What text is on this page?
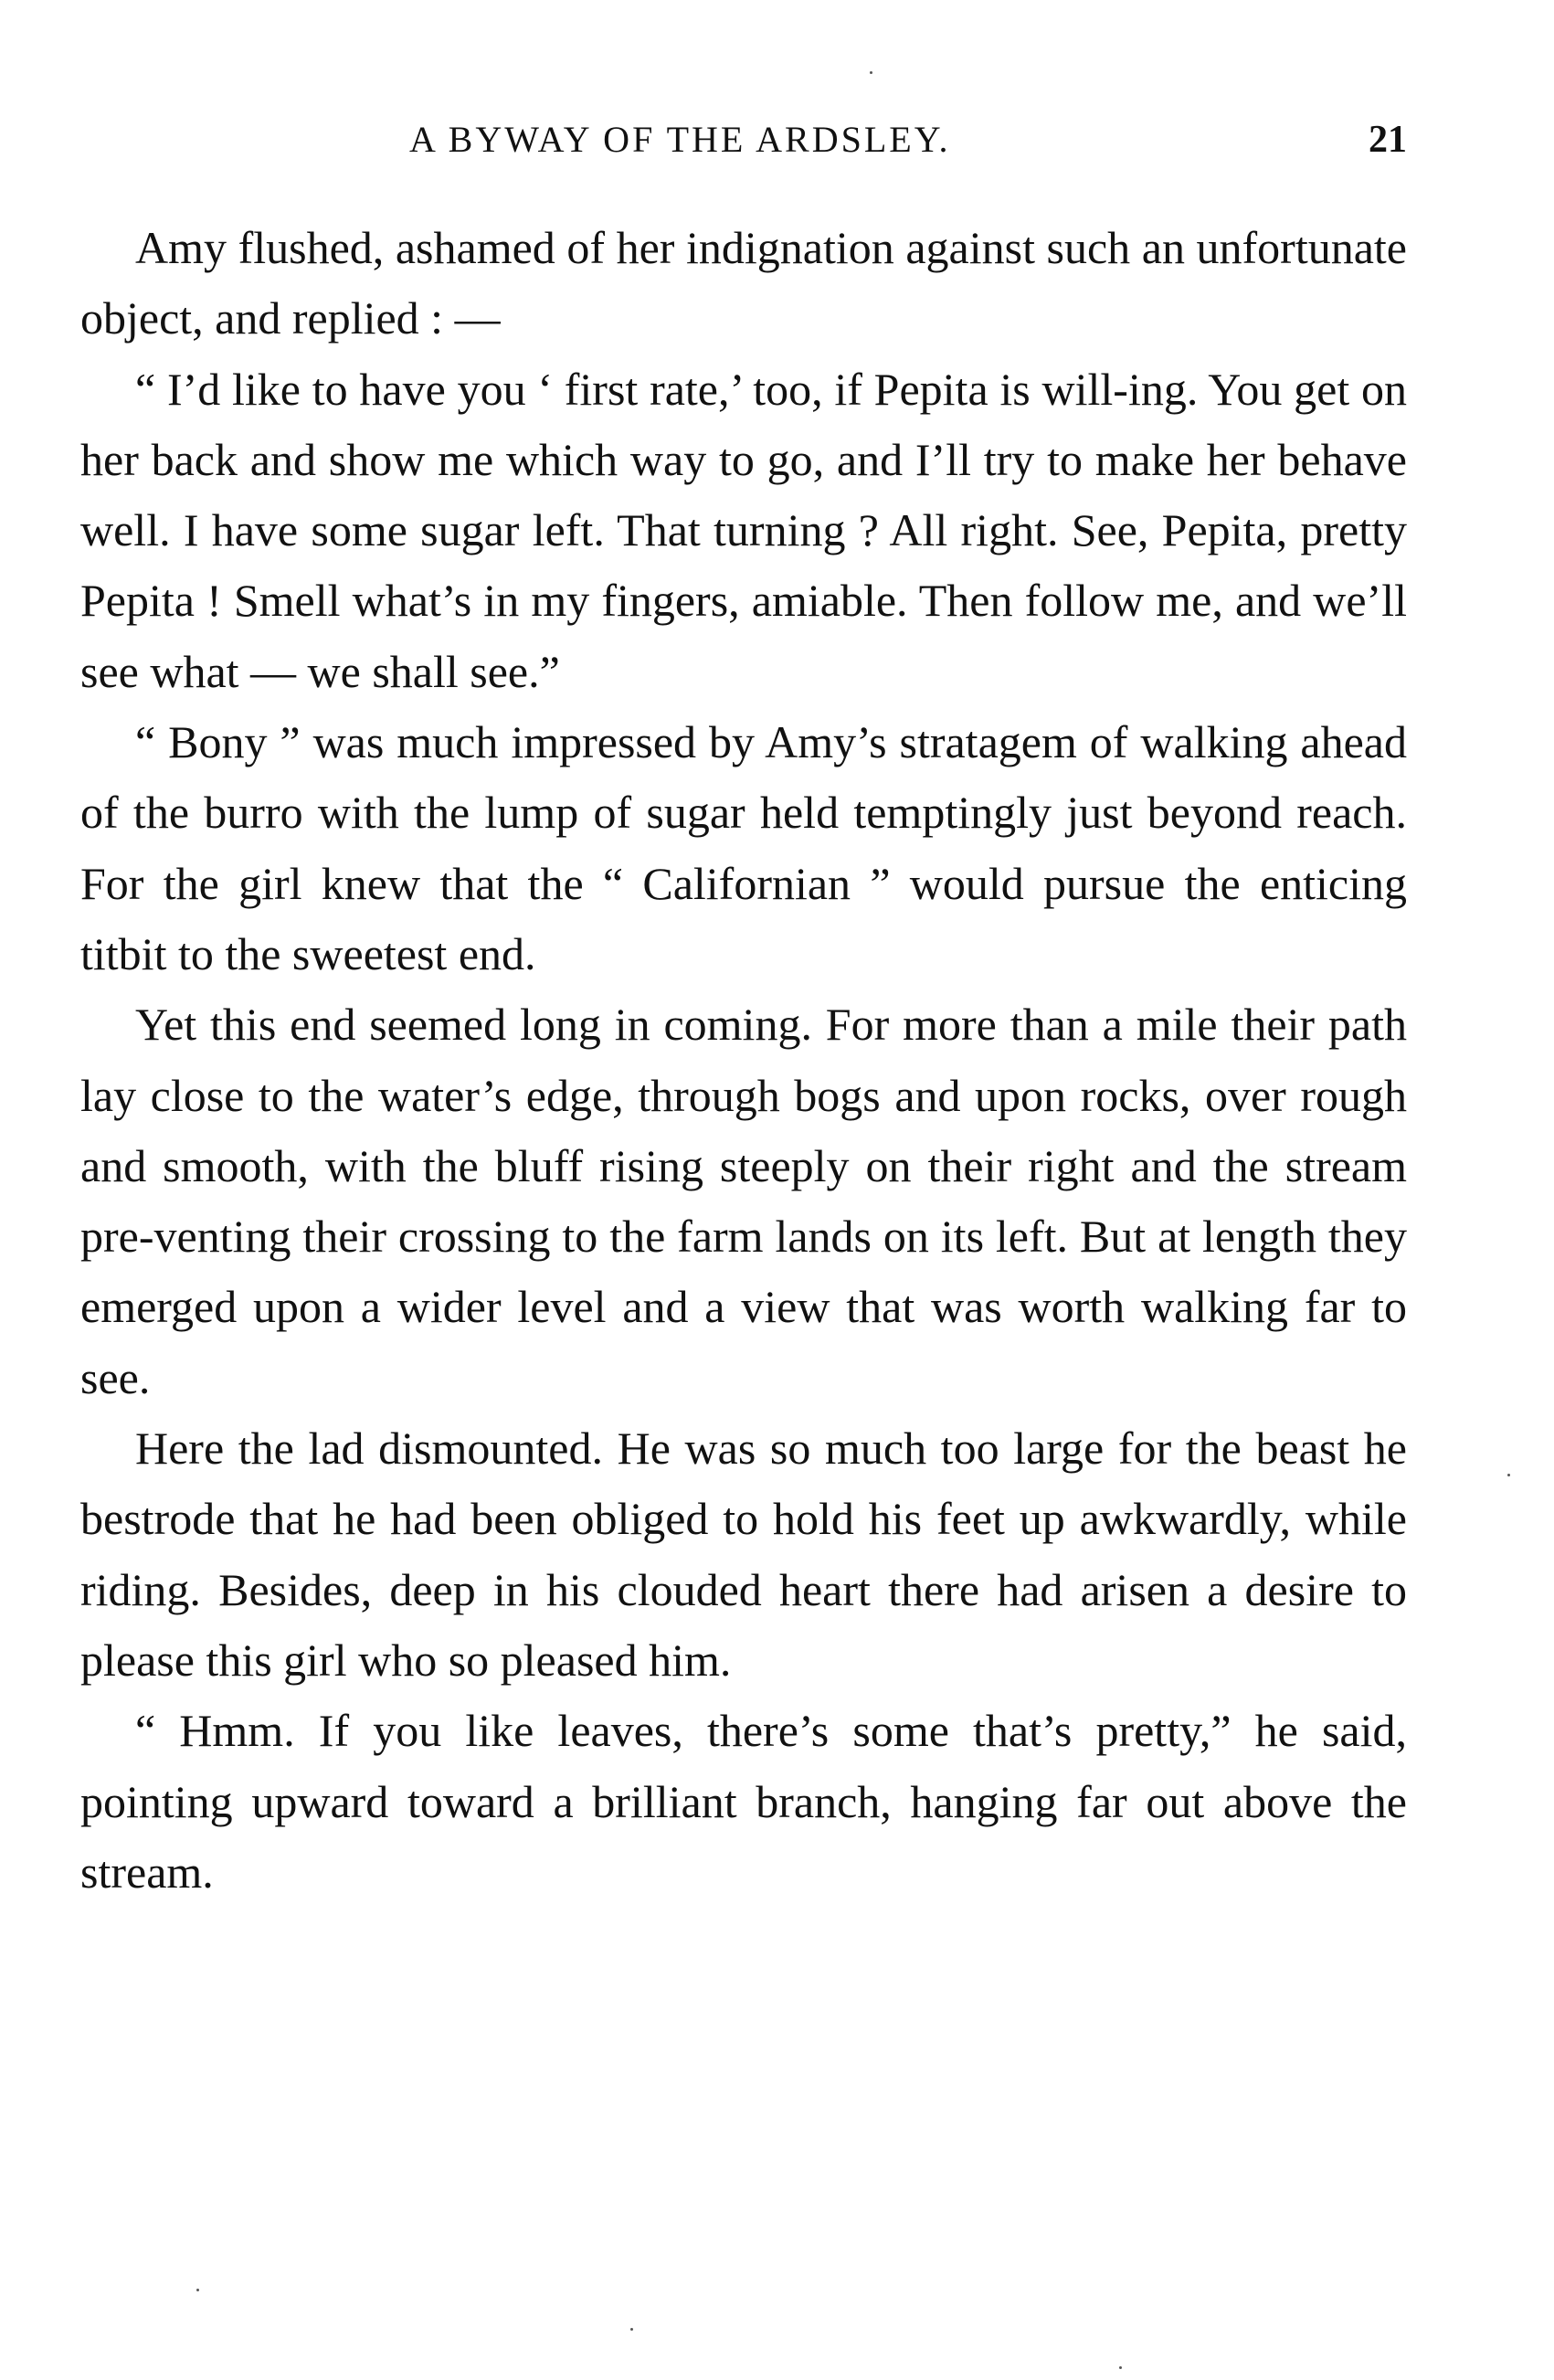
A BYWAY OF THE ARDSLEY.	21

Amy flushed, ashamed of her indignation against such an unfortunate object, and replied : —

“ I’d like to have you ‘ first rate,’ too, if Pepita is will-ing. You get on her back and show me which way to go, and I’ll try to make her behave well. I have some sugar left. That turning ? All right. See, Pepita, pretty Pepita ! Smell what’s in my fingers, amiable. Then follow me, and we’ll see what — we shall see.”

“ Bony ” was much impressed by Amy’s stratagem of walking ahead of the burro with the lump of sugar held temptingly just beyond reach. For the girl knew that the “ Californian ” would pursue the enticing titbit to the sweetest end.

Yet this end seemed long in coming. For more than a mile their path lay close to the water’s edge, through bogs and upon rocks, over rough and smooth, with the bluff rising steeply on their right and the stream pre-venting their crossing to the farm lands on its left. But at length they emerged upon a wider level and a view that was worth walking far to see.

Here the lad dismounted. He was so much too large for the beast he bestrode that he had been obliged to hold his feet up awkwardly, while riding. Besides, deep in his clouded heart there had arisen a desire to please this girl who so pleased him.

“ Hmm. If you like leaves, there’s some that’s pretty,” he said, pointing upward toward a brilliant branch, hanging far out above the stream.
